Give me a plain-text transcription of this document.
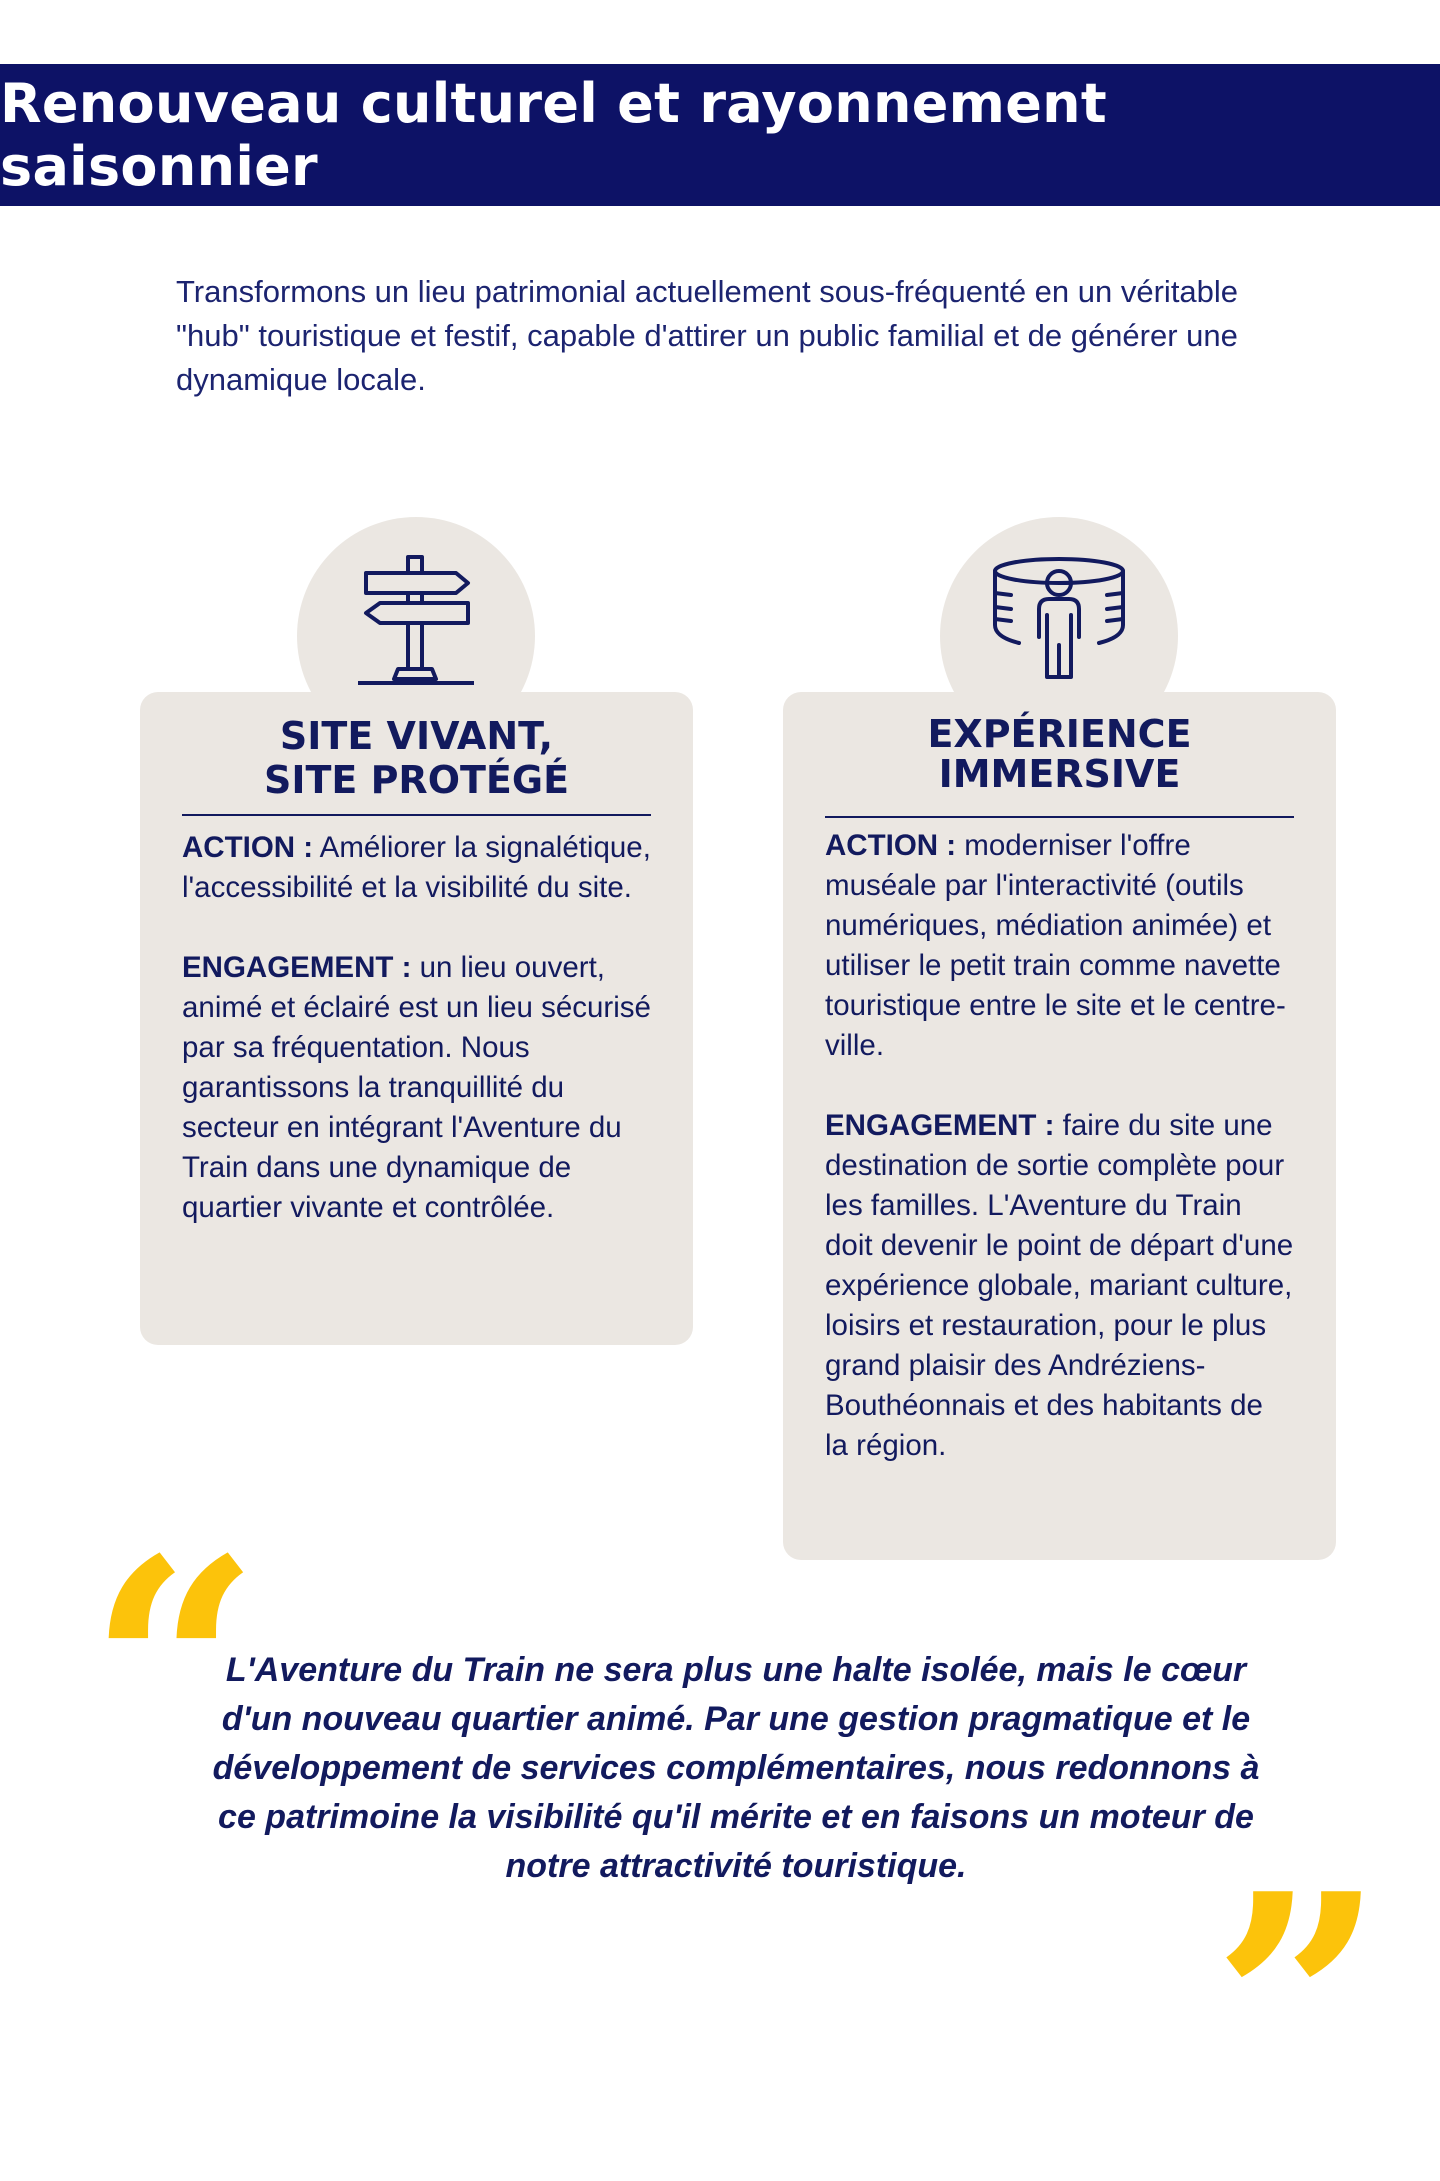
Renouveau culturel et rayonnement saisonnier

Transformons un lieu patrimonial actuellement sous-fréquenté en un véritable "hub" touristique et festif, capable d'attirer un public familial et de générer une dynamique locale.

SITE VIVANT,
SITE PROTÉGÉ

ACTION : Améliorer la signalétique, l'accessibilité et la visibilité du site.

ENGAGEMENT : un lieu ouvert, animé et éclairé est un lieu sécurisé par sa fréquentation. Nous garantissons la tranquillité du secteur en intégrant l'Aventure du Train dans une dynamique de quartier vivante et contrôlée.

EXPÉRIENCE
IMMERSIVE

ACTION : moderniser l'offre muséale par l'interactivité (outils numériques, médiation animée) et utiliser le petit train comme navette touristique entre le site et le centre-ville.

ENGAGEMENT : faire du site une destination de sortie complète pour les familles. L'Aventure du Train doit devenir le point de départ d'une expérience globale, mariant culture, loisirs et restauration, pour le plus grand plaisir des Andréziens-Bouthéonnais et des habitants de la région.

“

L'Aventure du Train ne sera plus une halte isolée, mais le cœur d'un nouveau quartier animé. Par une gestion pragmatique et le développement de services complémentaires, nous redonnons à ce patrimoine la visibilité qu'il mérite et en faisons un moteur de notre attractivité touristique. ”
